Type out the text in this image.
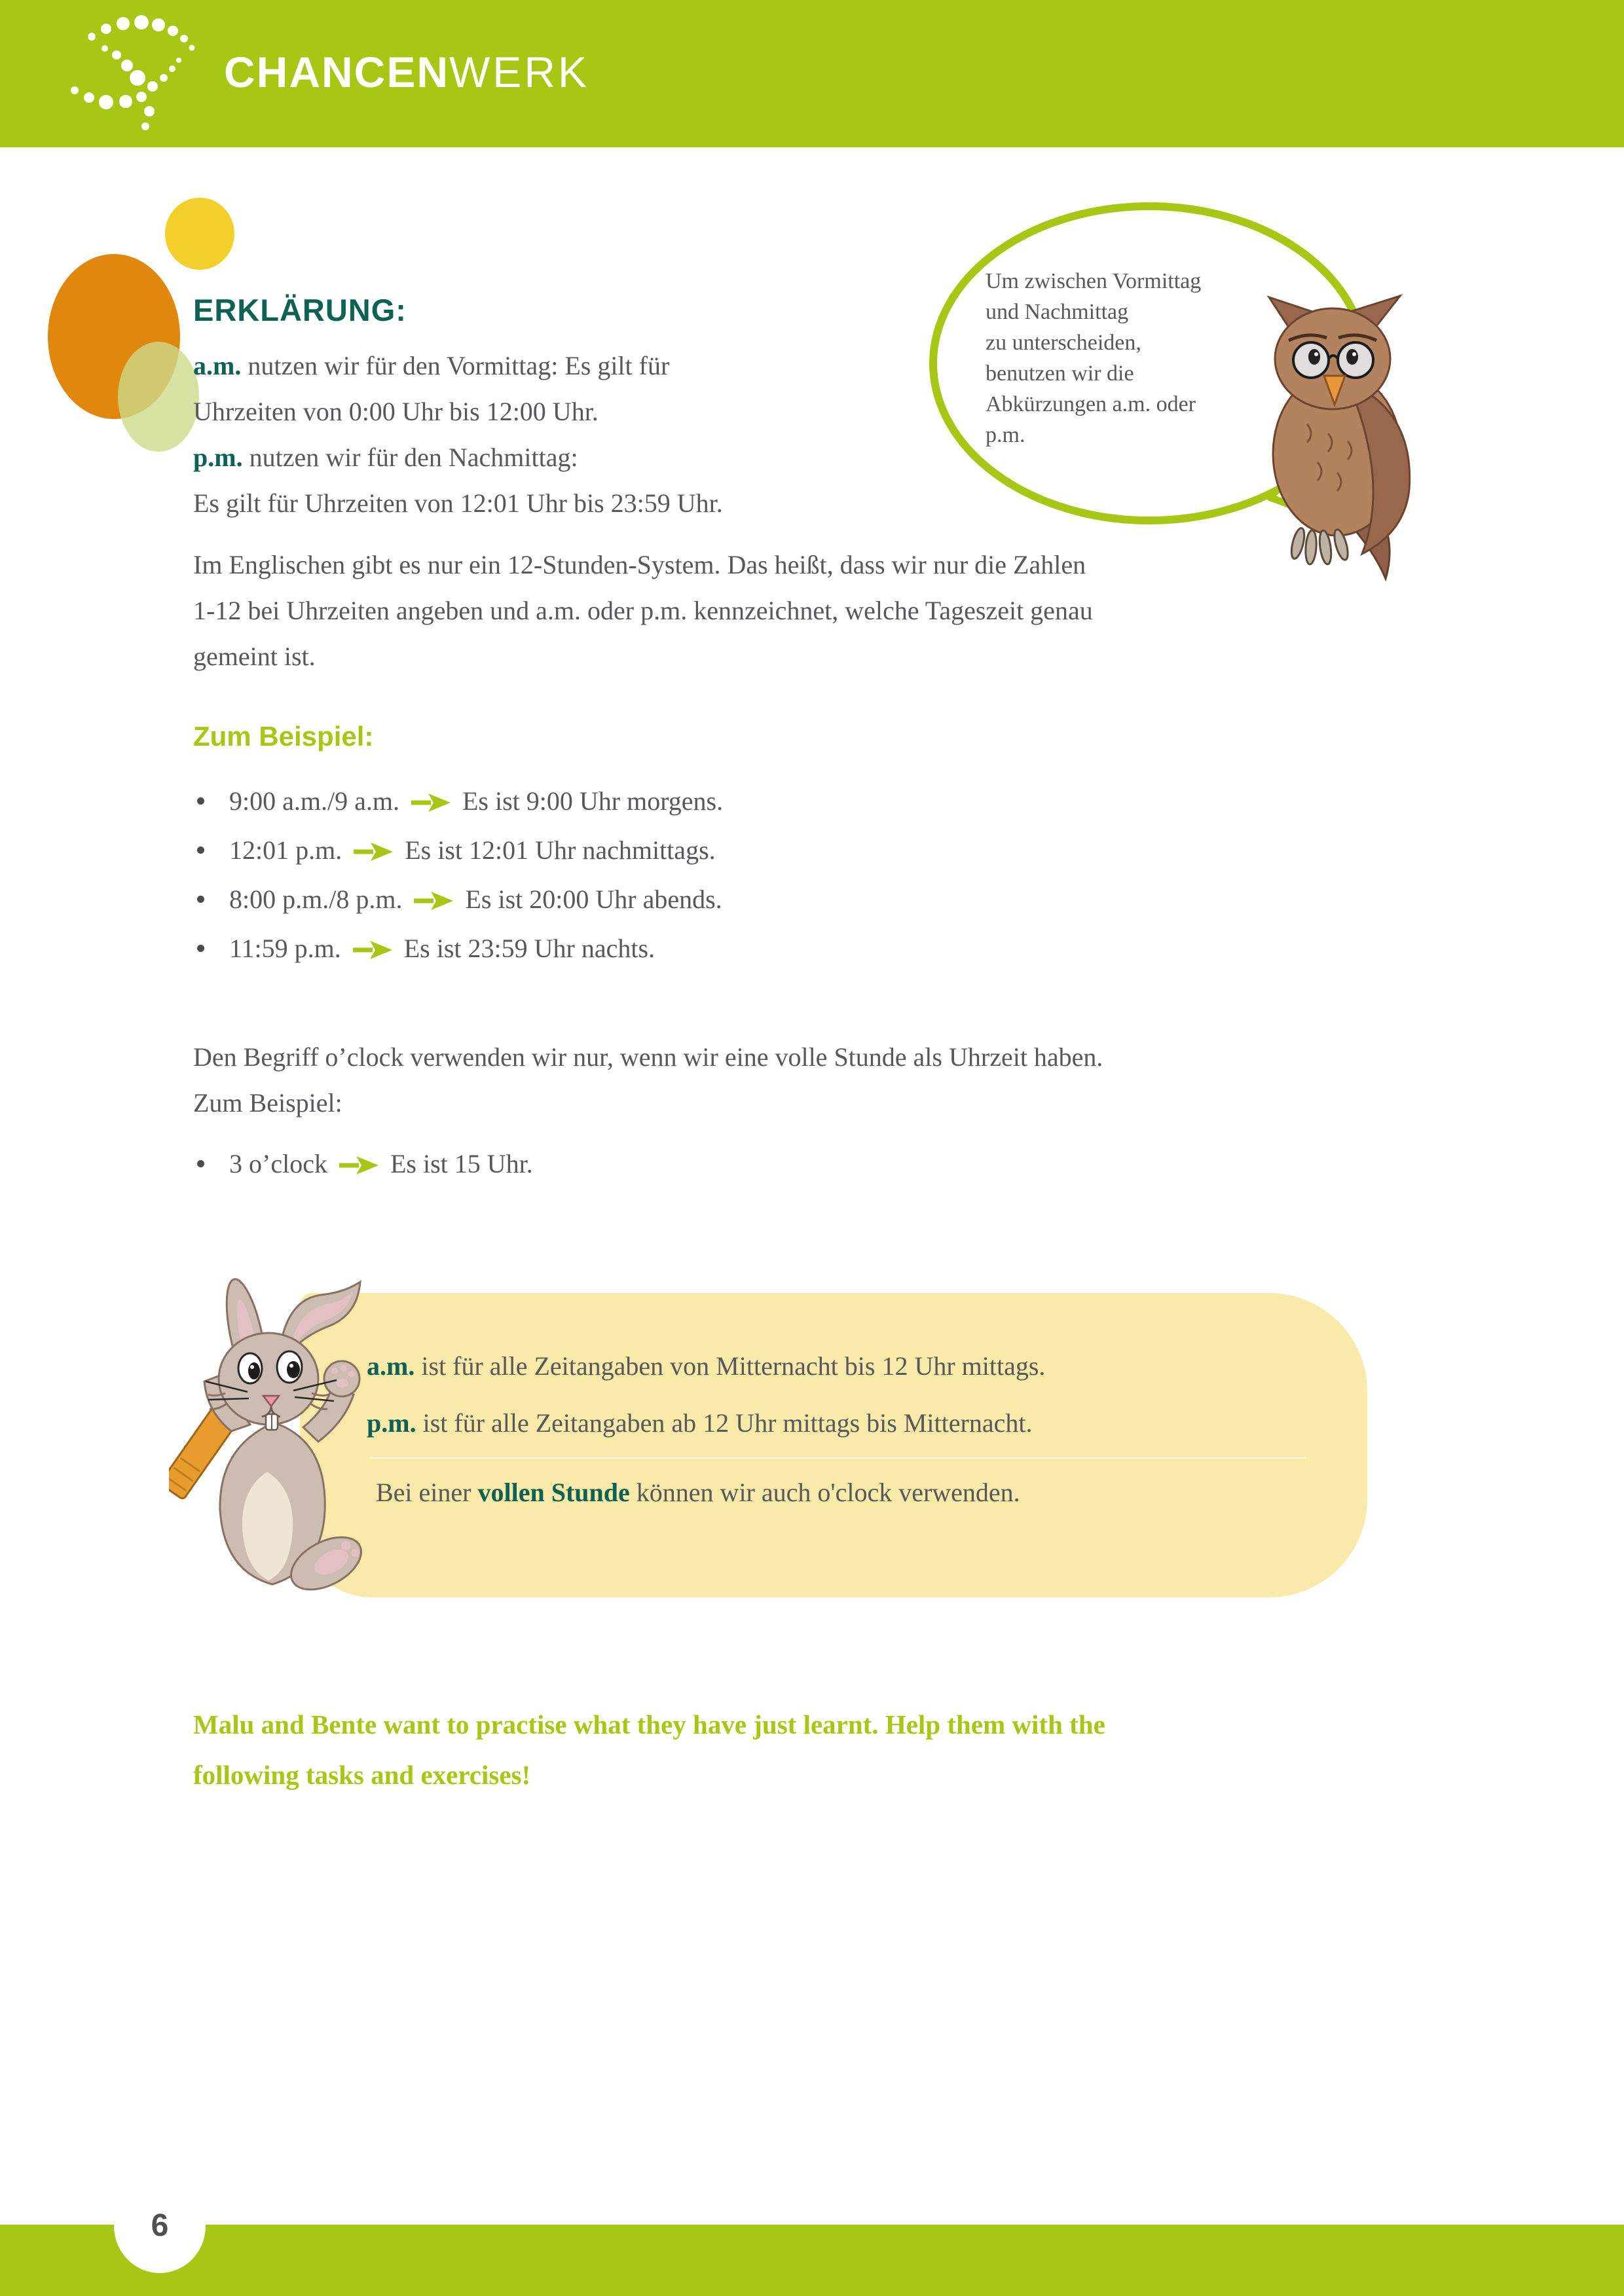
CHANCENWERK
ERKLÄRUNG:

a.m. nutzen wir für den Vormittag: Es gilt für

Uhrzeiten von 0:00 Uhr bis 12:00 Uhr.

p.m. nutzen wir für den Nachmittag:

Es gilt für Uhrzeiten von 12:01 Uhr bis 23:59 Uhr.

Um zwischen Vormittag
und Nachmittag
zu unterscheiden,
benutzen wir die
Abkürzungen a.m. oder
p.m.
Im Englischen gibt es nur ein 12-Stunden-System. Das heißt, dass wir nur die Zahlen
1-12 bei Uhrzeiten angeben und a.m. oder p.m. kennzeichnet, welche Tageszeit genau
gemeint ist.
Zum Beispiel:
9:00 a.m./9 a.m. Es ist 9:00 Uhr morgens.
12:01 p.m. Es ist 12:01 Uhr nachmittags.
8:00 p.m./8 p.m. Es ist 20:00 Uhr abends.
11:59 p.m. Es ist 23:59 Uhr nachts.
Den Begriff o’clock verwenden wir nur, wenn wir eine volle Stunde als Uhrzeit haben.
Zum Beispiel:
3 o’clock Es ist 15 Uhr.
a.m. ist für alle Zeitangaben von Mitternacht bis 12 Uhr mittags.
p.m. ist für alle Zeitangaben ab 12 Uhr mittags bis Mitternacht.
Bei einer vollen Stunde können wir auch o'clock verwenden.
Malu and Bente want to practise what they have just learnt. Help them with the
following tasks and exercises!
6
